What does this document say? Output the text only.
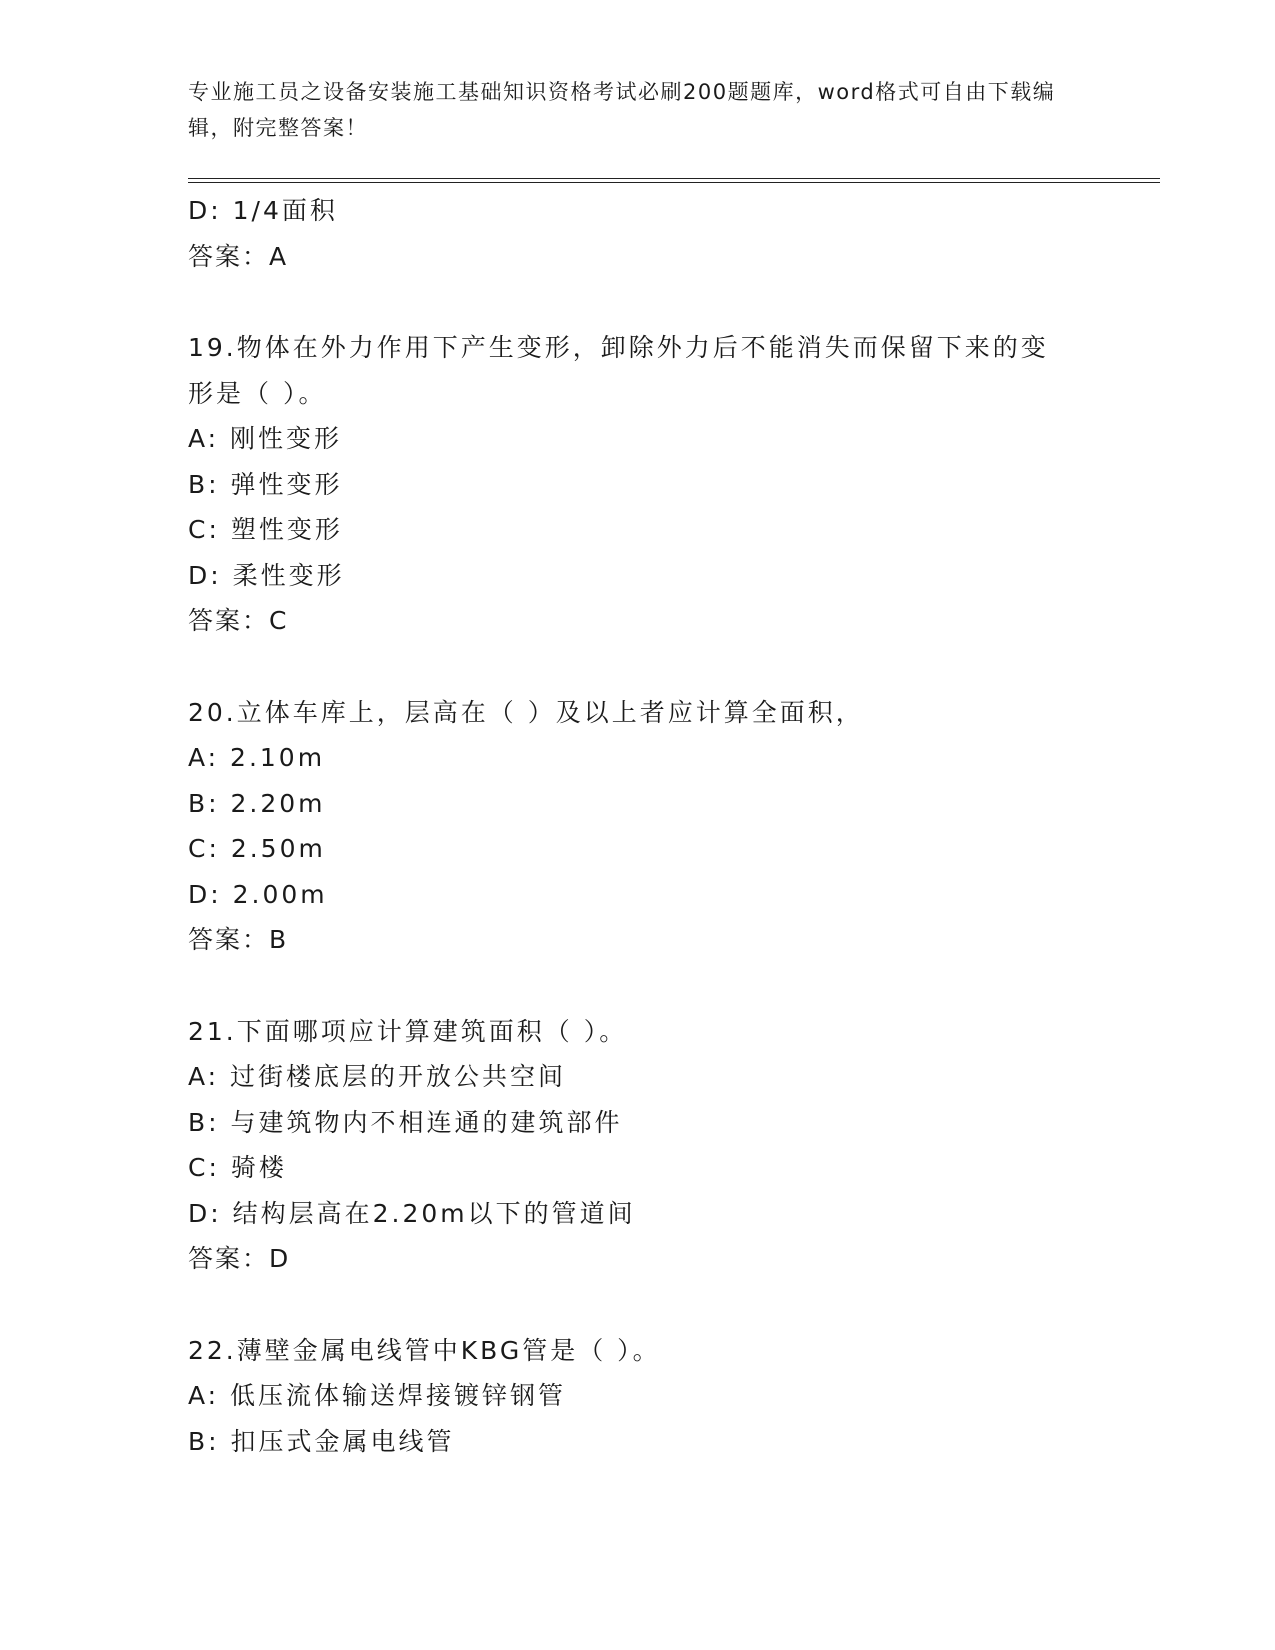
专业施工员之设备安装施工基础知识资格考试必刷200题题库，word格式可自由下载编辑，附完整答案！
D: 1/4面积
答案：A
19.物体在外力作用下产生变形，卸除外力后不能消失而保留下来的变形是（ ）。
A: 刚性变形
B: 弹性变形
C: 塑性变形
D: 柔性变形
答案：C
20.立体车库上，层高在（ ）及以上者应计算全面积，
A: 2.10m
B: 2.20m
C: 2.50m
D: 2.00m
答案：B
21.下面哪项应计算建筑面积（ ）。
A: 过街楼底层的开放公共空间
B: 与建筑物内不相连通的建筑部件
C: 骑楼
D: 结构层高在2.20m以下的管道间
答案：D
22.薄壁金属电线管中KBG管是（ ）。
A: 低压流体输送焊接镀锌钢管
B: 扣压式金属电线管
